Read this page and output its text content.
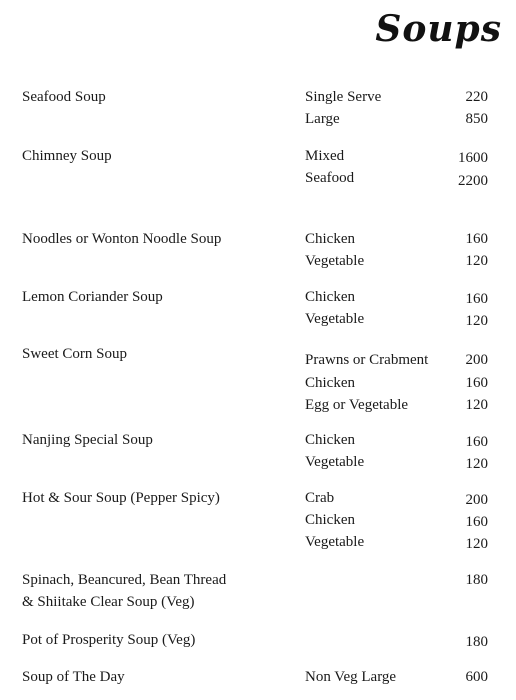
Soups
Seafood Soup	Single Serve	220
Large	850
Chimney Soup	Mixed	1600
Seafood	2200
Noodles or Wonton Noodle Soup	Chicken	160
Vegetable	120
Lemon Coriander Soup	Chicken	160
Vegetable	120
Sweet Corn Soup	Prawns or Crabment 200
Chicken	160
Egg or Vegetable	120
Nanjing Special Soup	Chicken	160
Vegetable	120
Hot & Sour Soup (Pepper Spicy)	Crab	200
Chicken	160
Vegetable	120
Spinach, Beancured, Bean Thread
& Shiitake Clear Soup (Veg)
180
Pot of Prosperity Soup (Veg)	180
Soup of The Day	Non Veg Large	600
